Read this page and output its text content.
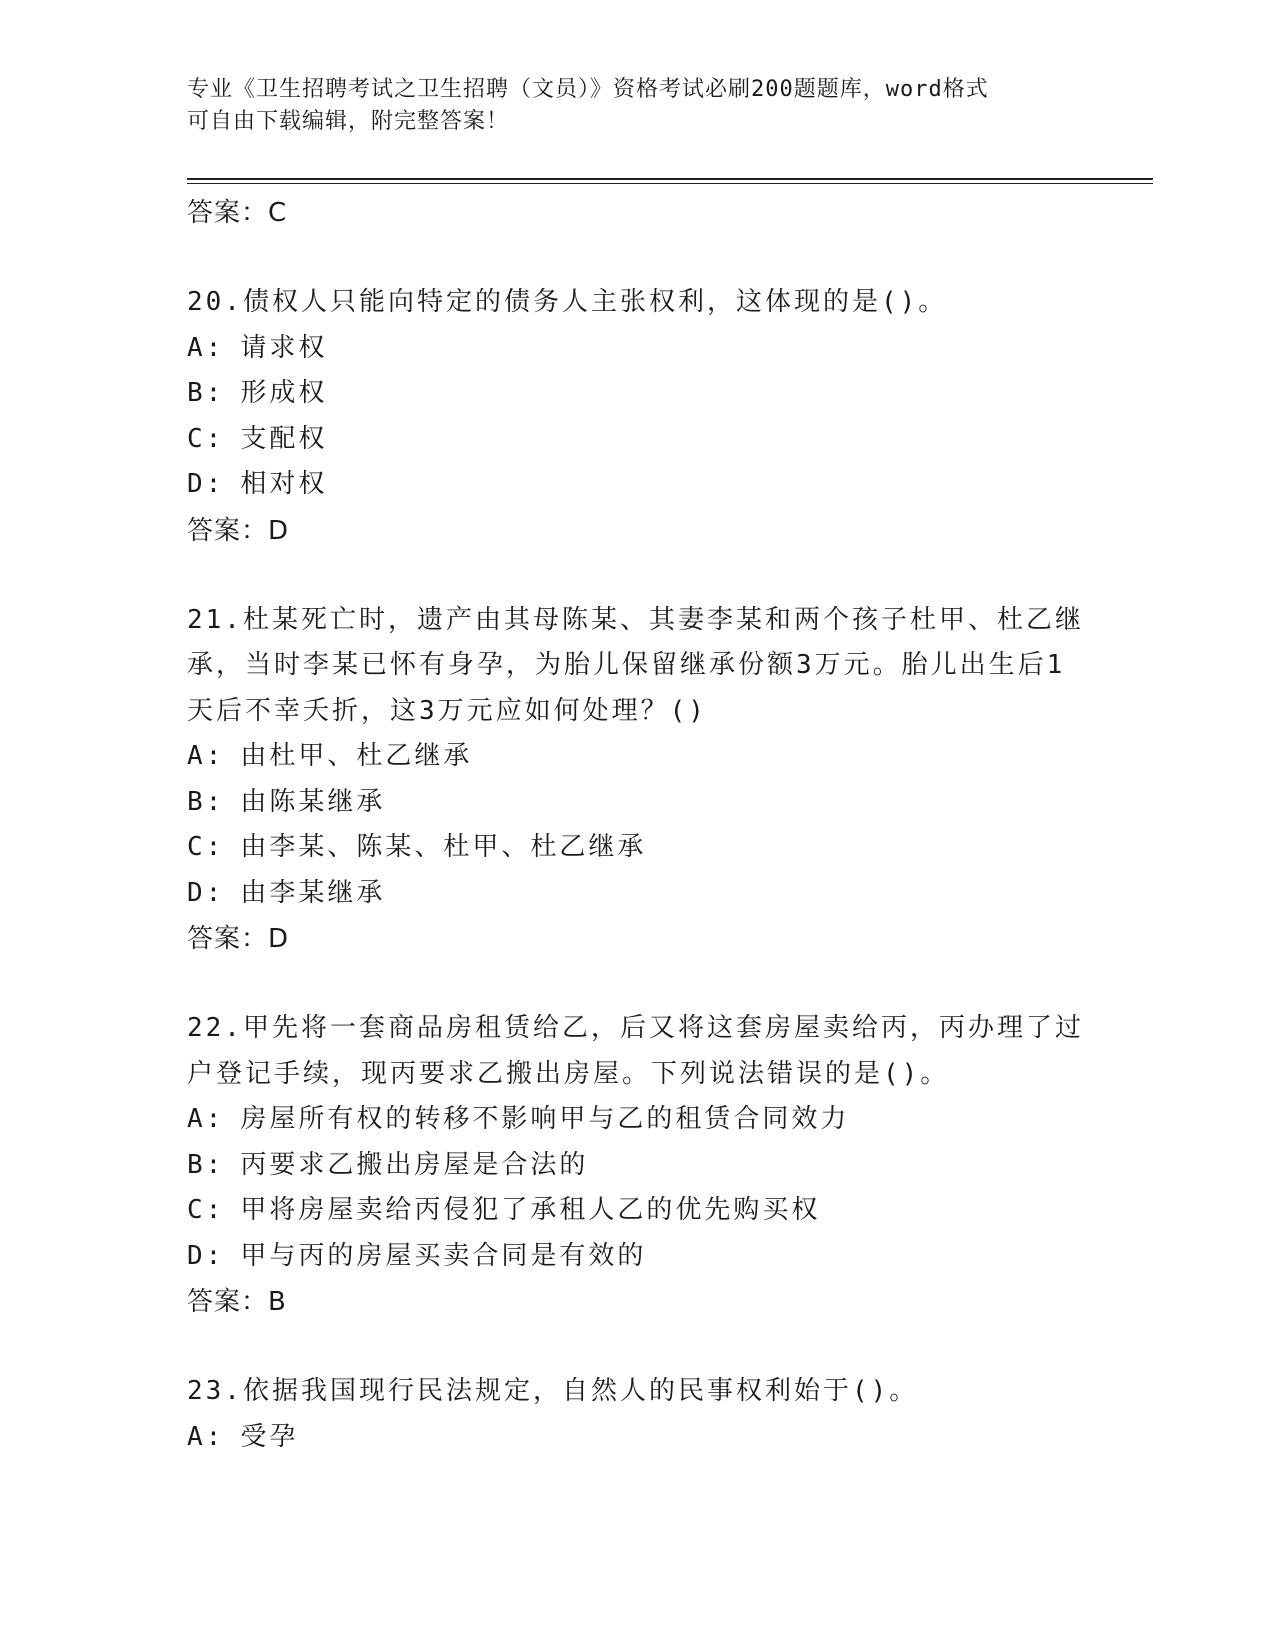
专业《卫生招聘考试之卫生招聘（文员）》资格考试必刷200题题库，word格式
可自由下载编辑，附完整答案！
答案：C
20.债权人只能向特定的债务人主张权利，这体现的是()。
A: 请求权
B: 形成权
C: 支配权
D: 相对权
答案：D
21.杜某死亡时，遗产由其母陈某、其妻李某和两个孩子杜甲、杜乙继承，当时李某已怀有身孕，为胎儿保留继承份额3万元。胎儿出生后1天后不幸夭折，这3万元应如何处理？()
A: 由杜甲、杜乙继承
B: 由陈某继承
C: 由李某、陈某、杜甲、杜乙继承
D: 由李某继承
答案：D
22.甲先将一套商品房租赁给乙，后又将这套房屋卖给丙，丙办理了过户登记手续，现丙要求乙搬出房屋。下列说法错误的是()。
A: 房屋所有权的转移不影响甲与乙的租赁合同效力
B: 丙要求乙搬出房屋是合法的
C: 甲将房屋卖给丙侵犯了承租人乙的优先购买权
D: 甲与丙的房屋买卖合同是有效的
答案：B
23.依据我国现行民法规定，自然人的民事权利始于()。
A: 受孕
